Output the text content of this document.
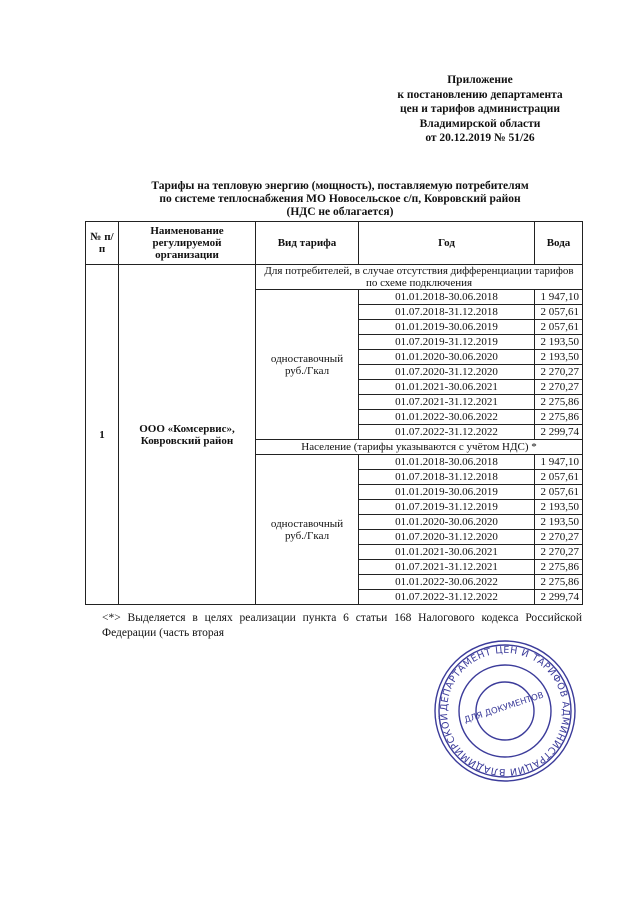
Приложение
к постановлению департамента
цен и тарифов администрации
Владимирской области
от 20.12.2019 № 51/26
Тарифы на тепловую энергию (мощность), поставляемую потребителям
по системе теплоснабжения МО Новосельское с/п, Ковровский район
(НДС не облагается)
№ п/п	Наименование регулируемой организации	Вид тарифа	Год	Вода
1	ООО «Комсервис», Ковровский район	Для потребителей, в случае отсутствия дифференциации тарифов по схеме подключения		
		одноставочный руб./Гкал	01.01.2018-30.06.2018	1 947,10
			01.07.2018-31.12.2018	2 057,61
			01.01.2019-30.06.2019	2 057,61
			01.07.2019-31.12.2019	2 193,50
			01.01.2020-30.06.2020	2 193,50
			01.07.2020-31.12.2020	2 270,27
			01.01.2021-30.06.2021	2 270,27
			01.07.2021-31.12.2021	2 275,86
			01.01.2022-30.06.2022	2 275,86
			01.07.2022-31.12.2022	2 299,74
		Население (тарифы указываются с учётом НДС) *		
		одноставочный руб./Гкал	01.01.2018-30.06.2018	1 947,10
			01.07.2018-31.12.2018	2 057,61
			01.01.2019-30.06.2019	2 057,61
			01.07.2019-31.12.2019	2 193,50
			01.01.2020-30.06.2020	2 193,50
			01.07.2020-31.12.2020	2 270,27
			01.01.2021-30.06.2021	2 270,27
			01.07.2021-31.12.2021	2 275,86
			01.01.2022-30.06.2022	2 275,86
			01.07.2022-31.12.2022	2 299,74
<*> Выделяется в целях реализации пункта 6 статьи 168 Налогового кодекса Российской Федерации (часть вторая
ДЕПАРТАМЕНТ ЦЕН И ТАРИФОВ АДМИНИСТРАЦИИ ВЛАДИМИРСКОЙ	ДЛЯ ДОКУМЕНТОВ
